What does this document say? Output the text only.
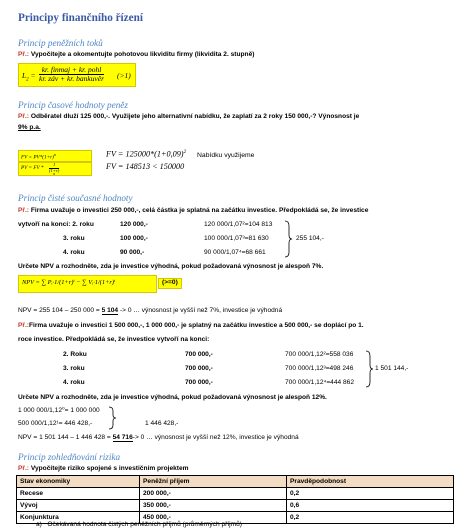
Principy finančního řízení
Princip peněžních toků
Př.: Vypočítejte a okomentujte pohotovou likviditu firmy (likvidita 2. stupně)
$L_2$ =
kr. finmaj + kr. pohl
kr. záv + kr. bankuvěr (>1)
Princip časové hodnoty peněz
Př.: Odběratel dluží 125 000,-. Využijete jeho alternativní nabídku, že zaplatí za 2 roky 150 000,-? Výnosnost je
9% p.a.
FV = $PV*(1+r)^n$
PV = FV * 1
(1+r)
$^n$
FV = $125000*(1+0,09)^2$ Nabídku využijeme
FV = 148513 < 150000
Princip čisté současné hodnoty
Př.: Firma uvažuje o investici 250 000,-, celá částka je splatná na začátku investice. Předpokládá se, že investice
vytvoří na konci: 2. roku	120 000,-	120 000/1,07²=104 813
3. roku	100 000,-	100 000/1,07³=81 630
4. roku	90 000,-	90 000/1,07⁴=68 661
255 104,-
Určete NPV a rozhodněte, zda je investice výhodná, pokud požadovaná výnosnost je alespoň 7%.
NPV = ∑ Pᵢ·1/(1+r)ⁱ − ∑ Vᵢ·1/(1+r)ⁱ	(>=0)
NPV = 255 104 – 250 000 = 5 104 -> 0 … výnosnost je vyšší než 7%, investice je výhodná
Př.:Firma uvažuje o investici 1 500 000,-, 1 000 000,- je splatný na začátku investice a 500 000,- se doplácí po 1.
roce investice. Předpokládá se, že investice vytvoří na konci:
2. Roku	700 000,-	700 000/1,12²=558 036
3. roku	700 000,-	700 000/1,12³=498 246
4. roku	700 000,-	700 000/1,12⁴=444 862
1 501 144,-
Určete NPV a rozhodněte, zda je investice výhodná, pokud požadovaná výnosnost je alespoň 12%.
1 000 000/1,12⁰= 1 000 000
500 000/1,12¹= 446 428,-	1 446 428,-
NPV = 1 501 144 – 1 446 428 = 54 716-> 0 … výnosnost je vyšší než 12%, investice je výhodná
Princip zohledňování rizika
Př.: Vypočítejte riziko spojené s investičním projektem
Stav ekonomiky	Peněžní příjem	Pravděpodobnost
Recese	200 000,-	0,2
Vývoj	350 000,-	0,6
Konjunktura	450 000,-	0,2
a) Očekávaná hodnota čistých peněžních příjmů (průměrných příjmů)
